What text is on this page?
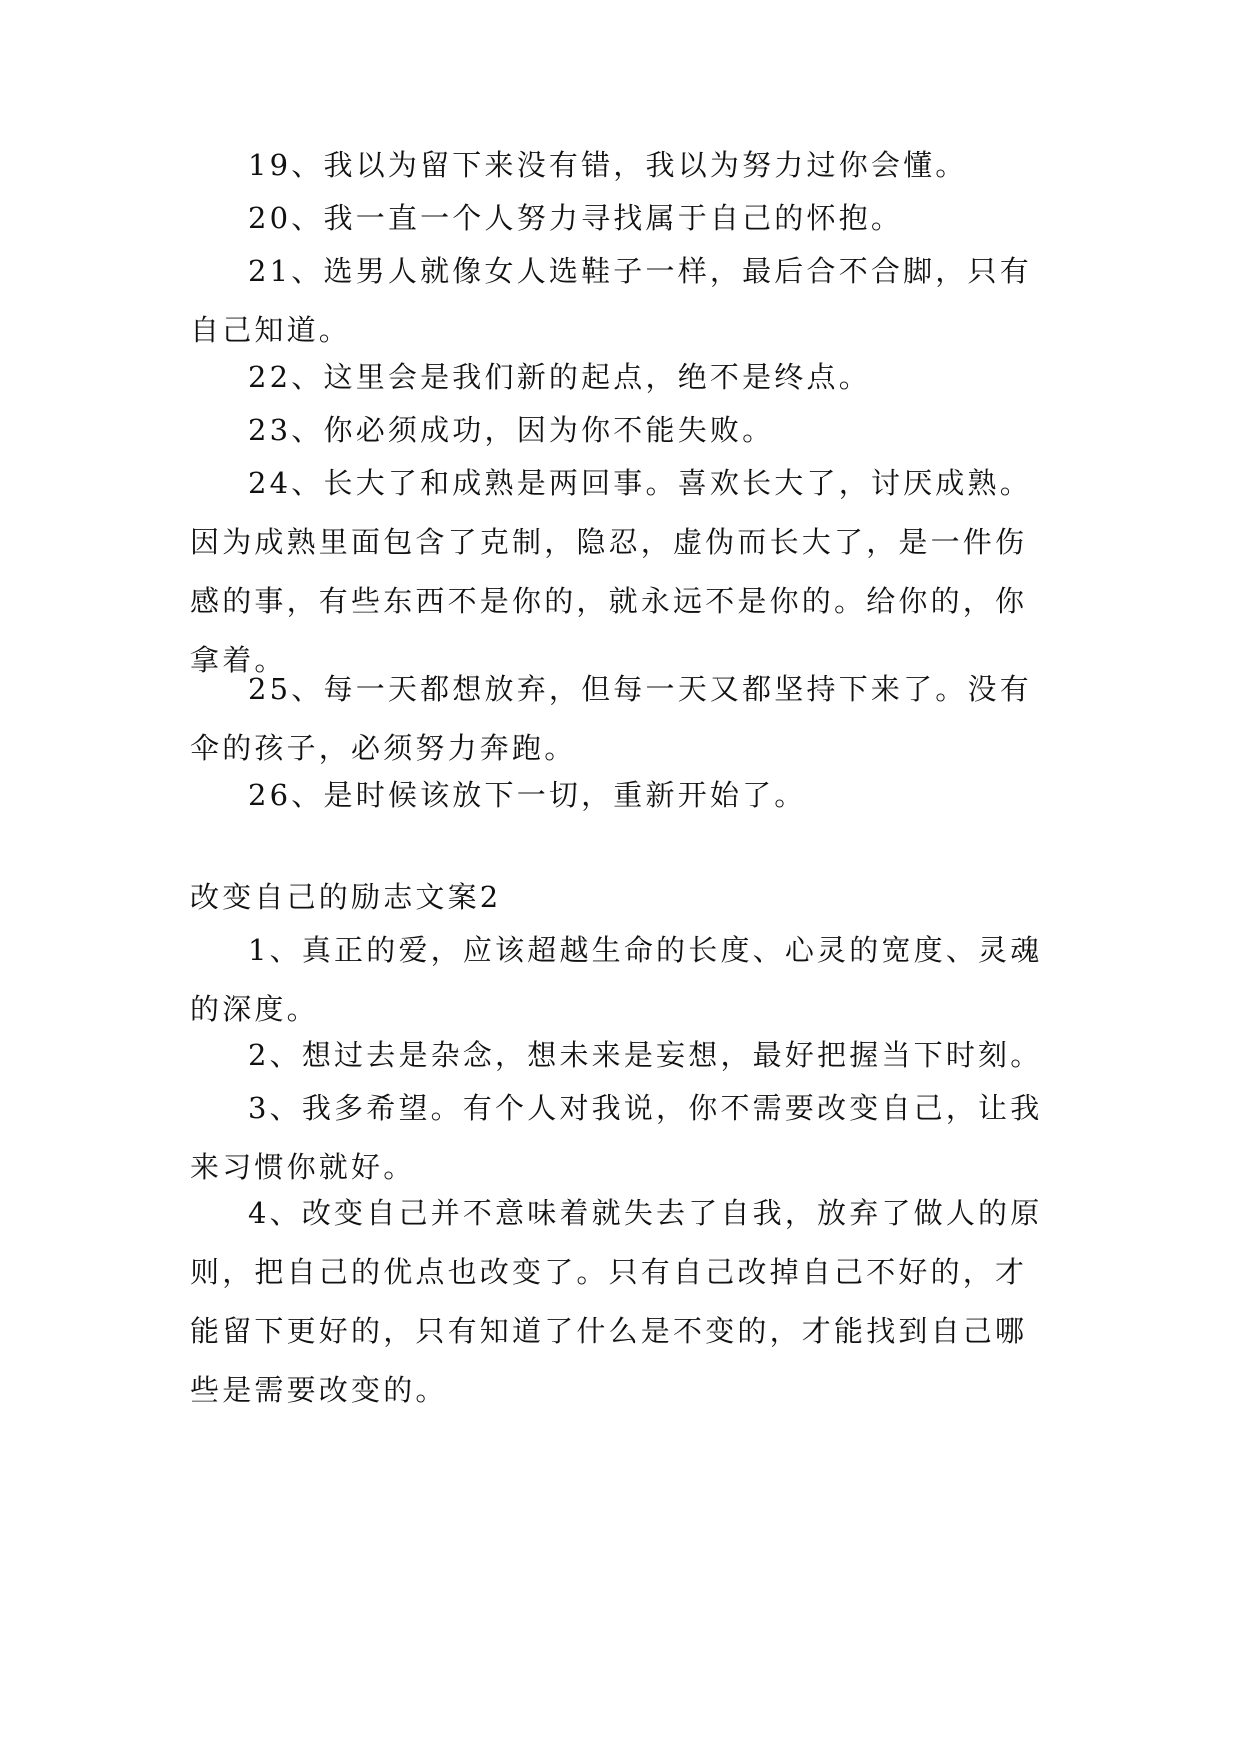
19、我以为留下来没有错，我以为努力过你会懂。

20、我一直一个人努力寻找属于自己的怀抱。

21、选男人就像女人选鞋子一样，最后合不合脚，只有自己知道。

22、这里会是我们新的起点，绝不是终点。

23、你必须成功，因为你不能失败。

24、长大了和成熟是两回事。喜欢长大了，讨厌成熟。因为成熟里面包含了克制，隐忍，虚伪而长大了，是一件伤感的事，有些东西不是你的，就永远不是你的。给你的，你拿着。

25、每一天都想放弃，但每一天又都坚持下来了。没有伞的孩子，必须努力奔跑。

26、是时候该放下一切，重新开始了。

改变自己的励志文案2

1、真正的爱，应该超越生命的长度、心灵的宽度、灵魂的深度。

2、想过去是杂念，想未来是妄想，最好把握当下时刻。

3、我多希望。有个人对我说，你不需要改变自己，让我来习惯你就好。

4、改变自己并不意味着就失去了自我，放弃了做人的原则，把自己的优点也改变了。只有自己改掉自己不好的，才能留下更好的，只有知道了什么是不变的，才能找到自己哪些是需要改变的。
